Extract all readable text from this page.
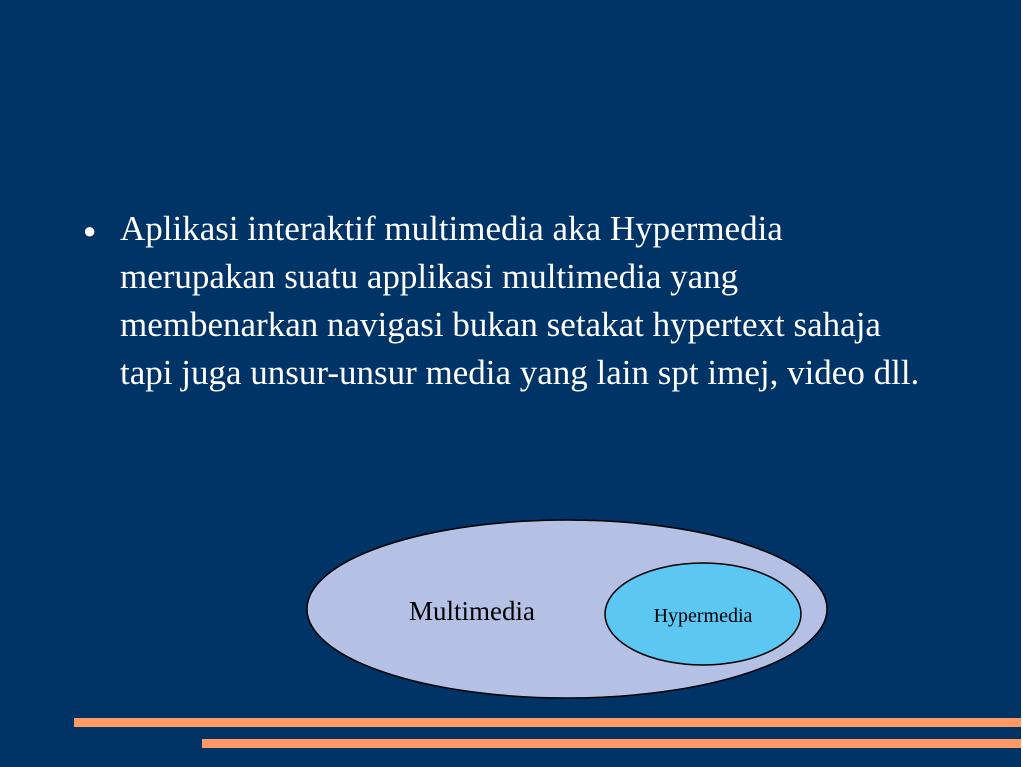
● Aplikasi interaktif multimedia aka Hypermedia merupakan suatu applikasi multimedia yang membenarkan navigasi bukan setakat hypertext sahaja tapi juga unsur-unsur media yang lain spt imej, video dll.
Multimedia	Hypermedia
